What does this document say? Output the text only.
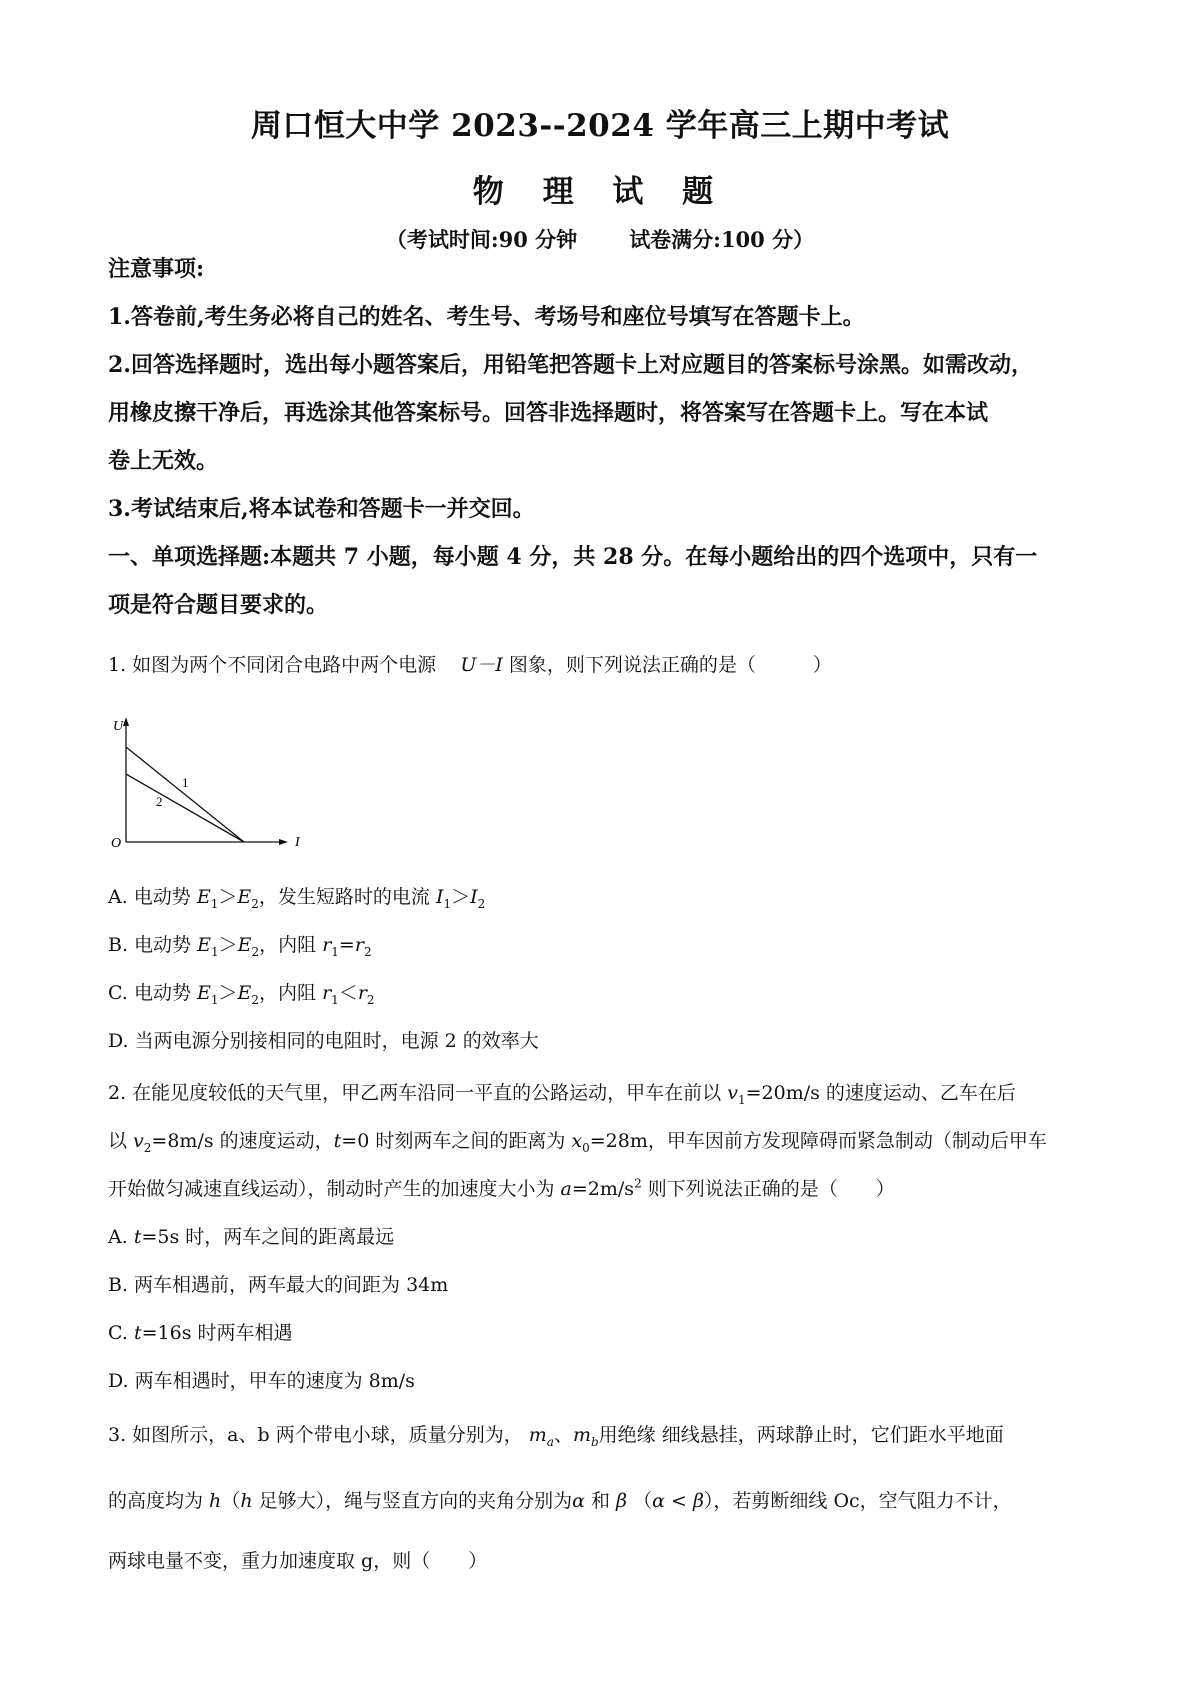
周口恒大中学 2023--2024 学年高三上期中考试
物 理 试 题
（考试时间:90 分钟 试卷满分:100 分）
注意事项:
1.答卷前,考生务必将自己的姓名、考生号、考场号和座位号填写在答题卡上。
2.回答选择题时，选出每小题答案后，用铅笔把答题卡上对应题目的答案标号涂黑。如需改动，
用橡皮擦干净后，再选涂其他答案标号。回答非选择题时，将答案写在答题卡上。写在本试
卷上无效。
3.考试结束后,将本试卷和答题卡一并交回。
一、单项选择题:本题共 7 小题，每小题 4 分，共 28 分。在每小题给出的四个选项中，只有一
项是符合题目要求的。
1. 如图为两个不同闭合电路中两个电源 U－I 图象，则下列说法正确的是（　　　）
U
I
O
1
2
A. 电动势 $E_1>E_2$，发生短路时的电流 $I_1>I_2$
B. 电动势 $E_1>E_2$，内阻 $r_1=r_2$
C. 电动势 $E_1>E_2$，内阻 $r_1<r_2$
D. 当两电源分别接相同的电阻时，电源 2 的效率大
2. 在能见度较低的天气里，甲乙两车沿同一平直的公路运动，甲车在前以 $v_1=20m/s$ 的速度运动、乙车在后
以 $v_2=8m/s$ 的速度运动，t=0 时刻两车之间的距离为 $x_0=28m$，甲车因前方发现障碍而紧急制动（制动后甲车
开始做匀减速直线运动），制动时产生的加速度大小为 $a=2m/s^2$ 则下列说法正确的是（　　）
A. t=5s 时，两车之间的距离最远
B. 两车相遇前，两车最大的间距为 34m
C. t=16s 时两车相遇
D. 两车相遇时，甲车的速度为 8m/s
3. 如图所示，a、b 两个带电小球，质量分别为， $m_a$、$m_b$用绝缘 细线悬挂，两球静止时，它们距水平地面
的高度均为 h（h 足够大），绳与竖直方向的夹角分别为α 和 β （α < β），若剪断细线 Oc，空气阻力不计，
两球电量不变，重力加速度取 g，则（　　）
